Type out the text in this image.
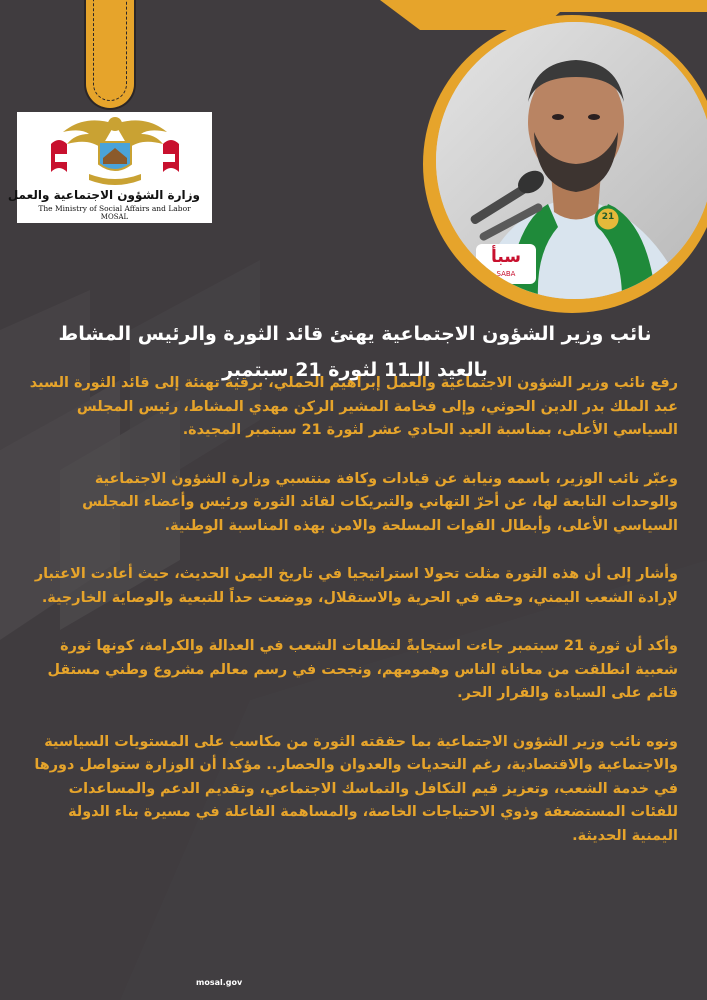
وزارة الشؤون الاجتماعية والعمل
The Ministry of Social Affairs and Labor
MOSAL	21
سبأ
SABA
نائب وزير الشؤون الاجتماعية يهنئ قائد الثورة والرئيس المشاط
بالعيد الـ11 لثورة 21 سبتمبر

رفع نائب وزير الشؤون الاجتماعية والعمل إبراهيم الحملي، برقية تهنئة إلى قائد الثورة السيد عبد الملك بدر الدين الحوثي، وإلى فخامة المشير الركن مهدي المشاط، رئيس المجلس السياسي الأعلى، بمناسبة العيد الحادي عشر لثورة 21 سبتمبر المجيدة.

وعبّر نائب الوزير، باسمه ونيابة عن قيادات وكافة منتسبي وزارة الشؤون الاجتماعية والوحدات التابعة لها، عن أحرّ التهاني والتبريكات لقائد الثورة ورئيس وأعضاء المجلس السياسي الأعلى، وأبطال القوات المسلحة والامن بهذه المناسبة الوطنية.

وأشار إلى أن هذه الثورة مثلت تحولا استراتيجيا في تاريخ اليمن الحديث، حيث أعادت الاعتبار لإرادة الشعب اليمني، وحقه في الحرية والاستقلال، ووضعت حداً للتبعية والوصاية الخارجية.

وأكد أن ثورة 21 سبتمبر جاءت استجابةً لتطلعات الشعب في العدالة والكرامة، كونها ثورة شعبية انطلقت من معاناة الناس وهمومهم، ونجحت في رسم معالم مشروع وطني مستقل قائم على السيادة والقرار الحر.

ونوه نائب وزير الشؤون الاجتماعية بما حققته الثورة من مكاسب على المستويات السياسية والاجتماعية والاقتصادية، رغم التحديات والعدوان والحصار.. مؤكدا أن الوزارة ستواصل دورها في خدمة الشعب، وتعزيز قيم التكافل والتماسك الاجتماعي، وتقديم الدعم والمساعدات للفئات المستضعفة وذوي الاحتياجات الخاصة، والمساهمة الفاعلة في مسيرة بناء الدولة اليمنية الحديثة.

mosal.gov
